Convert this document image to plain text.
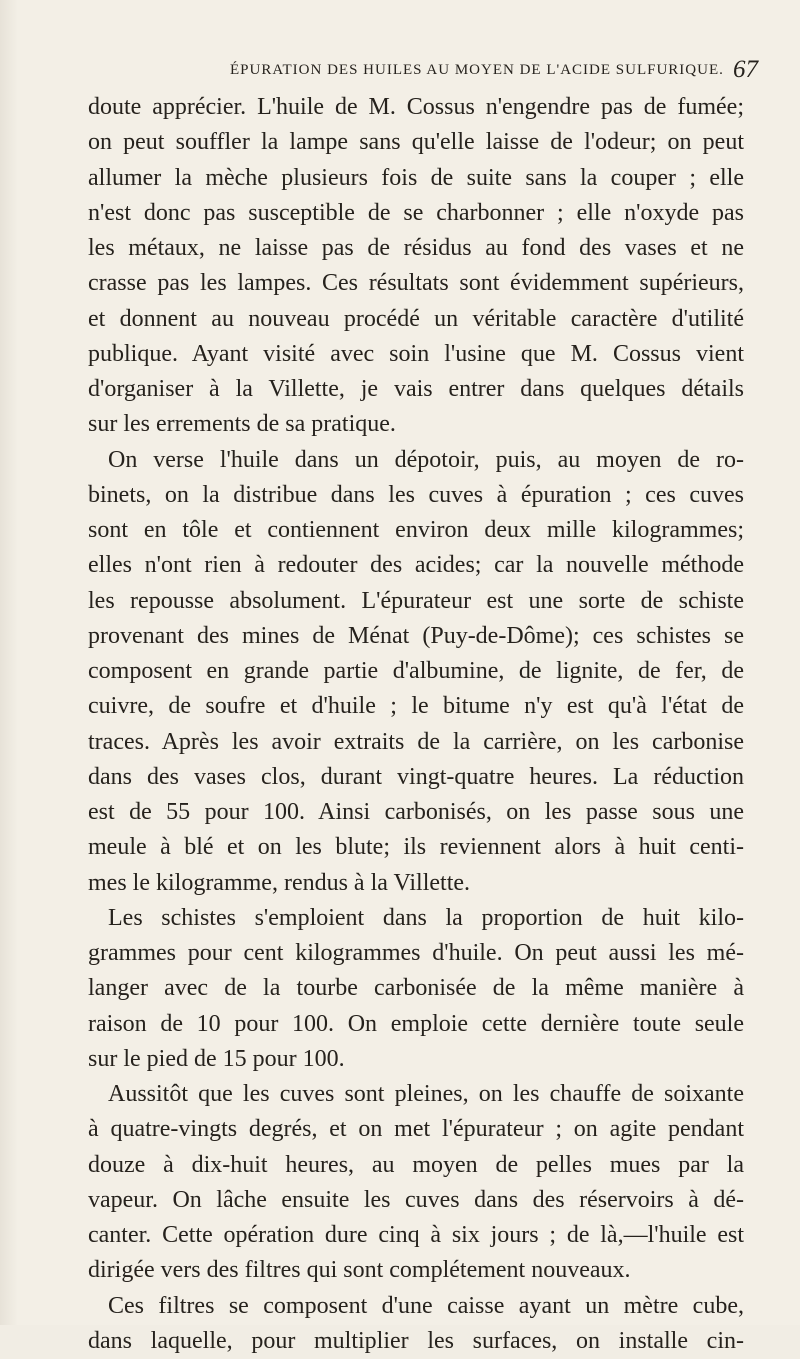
ÉPURATION DES HUILES AU MOYEN DE L'ACIDE SULFURIQUE. 67
doute apprécier. L'huile de M. Cossus n'engendre pas de fumée;
on peut souffler la lampe sans qu'elle laisse de l'odeur; on peut
allumer la mèche plusieurs fois de suite sans la couper ; elle
n'est donc pas susceptible de se charbonner ; elle n'oxyde pas
les métaux, ne laisse pas de résidus au fond des vases et ne
crasse pas les lampes. Ces résultats sont évidemment supérieurs,
et donnent au nouveau procédé un véritable caractère d'utilité
publique. Ayant visité avec soin l'usine que M. Cossus vient
d'organiser à la Villette, je vais entrer dans quelques détails
sur les errements de sa pratique.
On verse l'huile dans un dépotoir, puis, au moyen de ro-
binets, on la distribue dans les cuves à épuration ; ces cuves
sont en tôle et contiennent environ deux mille kilogrammes;
elles n'ont rien à redouter des acides; car la nouvelle méthode
les repousse absolument. L'épurateur est une sorte de schiste
provenant des mines de Ménat (Puy-de-Dôme); ces schistes se
composent en grande partie d'albumine, de lignite, de fer, de
cuivre, de soufre et d'huile ; le bitume n'y est qu'à l'état de
traces. Après les avoir extraits de la carrière, on les carbonise
dans des vases clos, durant vingt-quatre heures. La réduction
est de 55 pour 100. Ainsi carbonisés, on les passe sous une
meule à blé et on les blute; ils reviennent alors à huit centi-
mes le kilogramme, rendus à la Villette.
Les schistes s'emploient dans la proportion de huit kilo-
grammes pour cent kilogrammes d'huile. On peut aussi les mé-
langer avec de la tourbe carbonisée de la même manière à
raison de 10 pour 100. On emploie cette dernière toute seule
sur le pied de 15 pour 100.
Aussitôt que les cuves sont pleines, on les chauffe de soixante
à quatre-vingts degrés, et on met l'épurateur ; on agite pendant
douze à dix-huit heures, au moyen de pelles mues par la
vapeur. On lâche ensuite les cuves dans des réservoirs à dé-
canter. Cette opération dure cinq à six jours ; de là,—l'huile est
dirigée vers des filtres qui sont complétement nouveaux.
Ces filtres se composent d'une caisse ayant un mètre cube,
dans laquelle, pour multiplier les surfaces, on installe cin-
